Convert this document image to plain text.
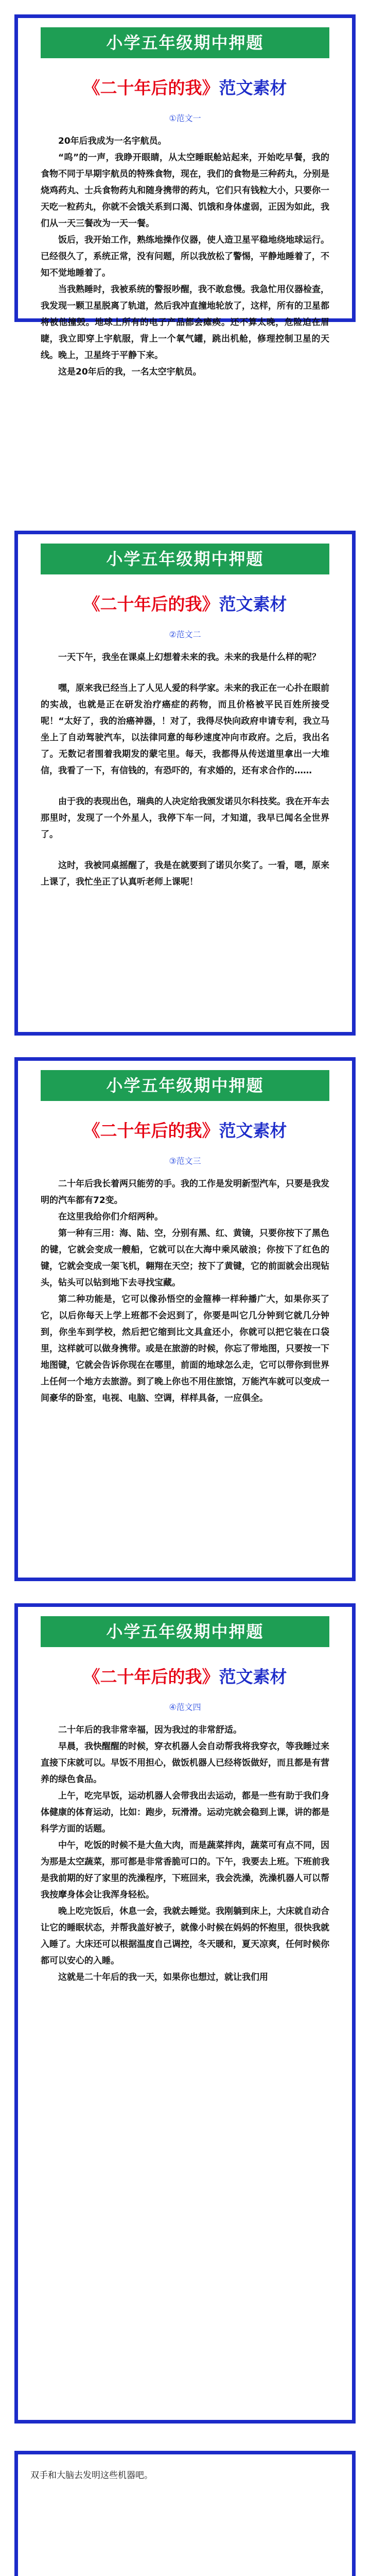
小学五年级期中押题
《二十年后的我》范文素材
①范文一

20年后我成为一名宇航员。

“呜”的一声，我睁开眼睛，从太空睡眠舱站起来，开始吃早餐，我的食物不同于早期宇航员的特殊食物，现在，我们的食物是三种药丸，分别是烧鸡药丸、士兵食物药丸和随身携带的药丸，它们只有钱粒大小，只要你一天吃一粒药丸，你就不会饿关系到口渴、饥饿和身体虚弱，正因为如此，我们从一天三餐改为一天一餐。

饭后，我开始工作，熟练地操作仪器，使人造卫星平稳地绕地球运行。已经很久了，系统正常，没有问题，所以我放松了警惕，平静地睡着了，不知不觉地睡着了。

当我熟睡时，我被系统的警报吵醒，我不敢怠慢。我急忙用仪器检查，我发现一颗卫星脱离了轨道，然后我冲直撞地轮放了，这样，所有的卫星都将被他撞毁。地球上所有的电子产品都会瘫痪。还不算太晚，危险迫在眉睫，我立即穿上宇航服，背上一个氧气罐，跳出机舱，修理控制卫星的天线。晚上，卫星终于平静下来。

这是20年后的我，一名太空宇航员。

小学五年级期中押题
《二十年后的我》范文素材
②范文二

一天下午，我坐在课桌上幻想着未来的我。未来的我是什么样的呢？

嘿，原来我已经当上了人见人爱的科学家。未来的我正在一心扑在眼前的实战，也就是正在研发治疗癌症的药物，而且价格被平民百姓所接受呢！“太好了，我的治癌神器，！对了，我得尽快向政府申请专利，我立马坐上了自动驾驶汽车，以法律同意的每秒速度冲向市政府。之后，我出名了。无数记者围着我期发的蒙宅里。每天，我都得从传送道里拿出一大堆信，我看了一下，有信钱的，有恐吓的，有求婚的，还有求合作的……

由于我的表现出色，瑞典的人决定给我颁发诺贝尔科技奖。我在开车去那里时，发现了一个外星人，我停下车一问，才知道，我早已闻名全世界了。

这时，我被同桌摇醒了，我是在就要到了诺贝尔奖了。一看，嗯，原来上课了，我忙坐正了认真听老师上课呢！

小学五年级期中押题
《二十年后的我》范文素材
③范文三

二十年后我长着两只能劳的手。我的工作是发明新型汽车，只要是我发明的汽车都有72变。

在这里我给你们介绍两种。

第一种有三用：海、陆、空，分别有黑、红、黄镜，只要你按下了黑色的键，它就会变成一艘船，它就可以在大海中乘风破浪；你按下了红色的键，它就会变成一架飞机，翱翔在天空；按下了黄键，它的前面就会出现钻头，钻头可以钻到地下去寻找宝藏。

第二种功能是，它可以像孙悟空的金箍棒一样种播广大，如果你买了它，以后你每天上学上班都不会迟到了，你要是叫它几分钟到它就几分钟到，你坐车到学校，然后把它缩到比文具盒还小，你就可以把它装在口袋里，这样就可以做身携带。或是在旅游的时候，你忘了带地图，只要按一下地图键，它就会告诉你现在在哪里，前面的地球怎么走，它可以带你到世界上任何一个地方去旅游。到了晚上你也不用住旅馆，万能汽车就可以变成一间豪华的卧室，电视、电脑、空调，样样具备，一应俱全。

小学五年级期中押题
《二十年后的我》范文素材
④范文四

二十年后的我非常幸福，因为我过的非常舒适。

早晨，我快醒醒的时候，穿衣机器人会自动帮我将我穿衣，等我睡过来直接下床就可以。早饭不用担心，做饭机器人已经将饭做好，而且都是有营养的绿色食品。

上午，吃完早饭，运动机器人会带我出去运动，都是一些有助于我们身体健康的体育运动，比如：跑步，玩滑滑。运动完就会稳到上课，讲的都是科学方面的话题。

中午，吃饭的时候不是大鱼大肉，而是蔬菜拌肉，蔬菜可有点不同，因为那是太空蔬菜，那可都是非常香脆可口的。下午，我要去上班。下班前我是我前期的好了家里的洗澡程序，下班回来，我会洗澡，洗澡机器人可以帮我按摩身体会让我浑身轻松。

晚上吃完饭后，休息一会，我就去睡觉。我刚躺到床上，大床就自动合让它的睡眠状态，并帮我盖好被子，就像小时候在妈妈的怀抱里，很快我就入睡了。大床还可以根据温度自己调控，冬天暖和，夏天凉爽，任何时候你都可以安心的入睡。

这就是二十年后的我一天，如果你也想过，就让我们用

双手和大脑去发明这些机器吧。
